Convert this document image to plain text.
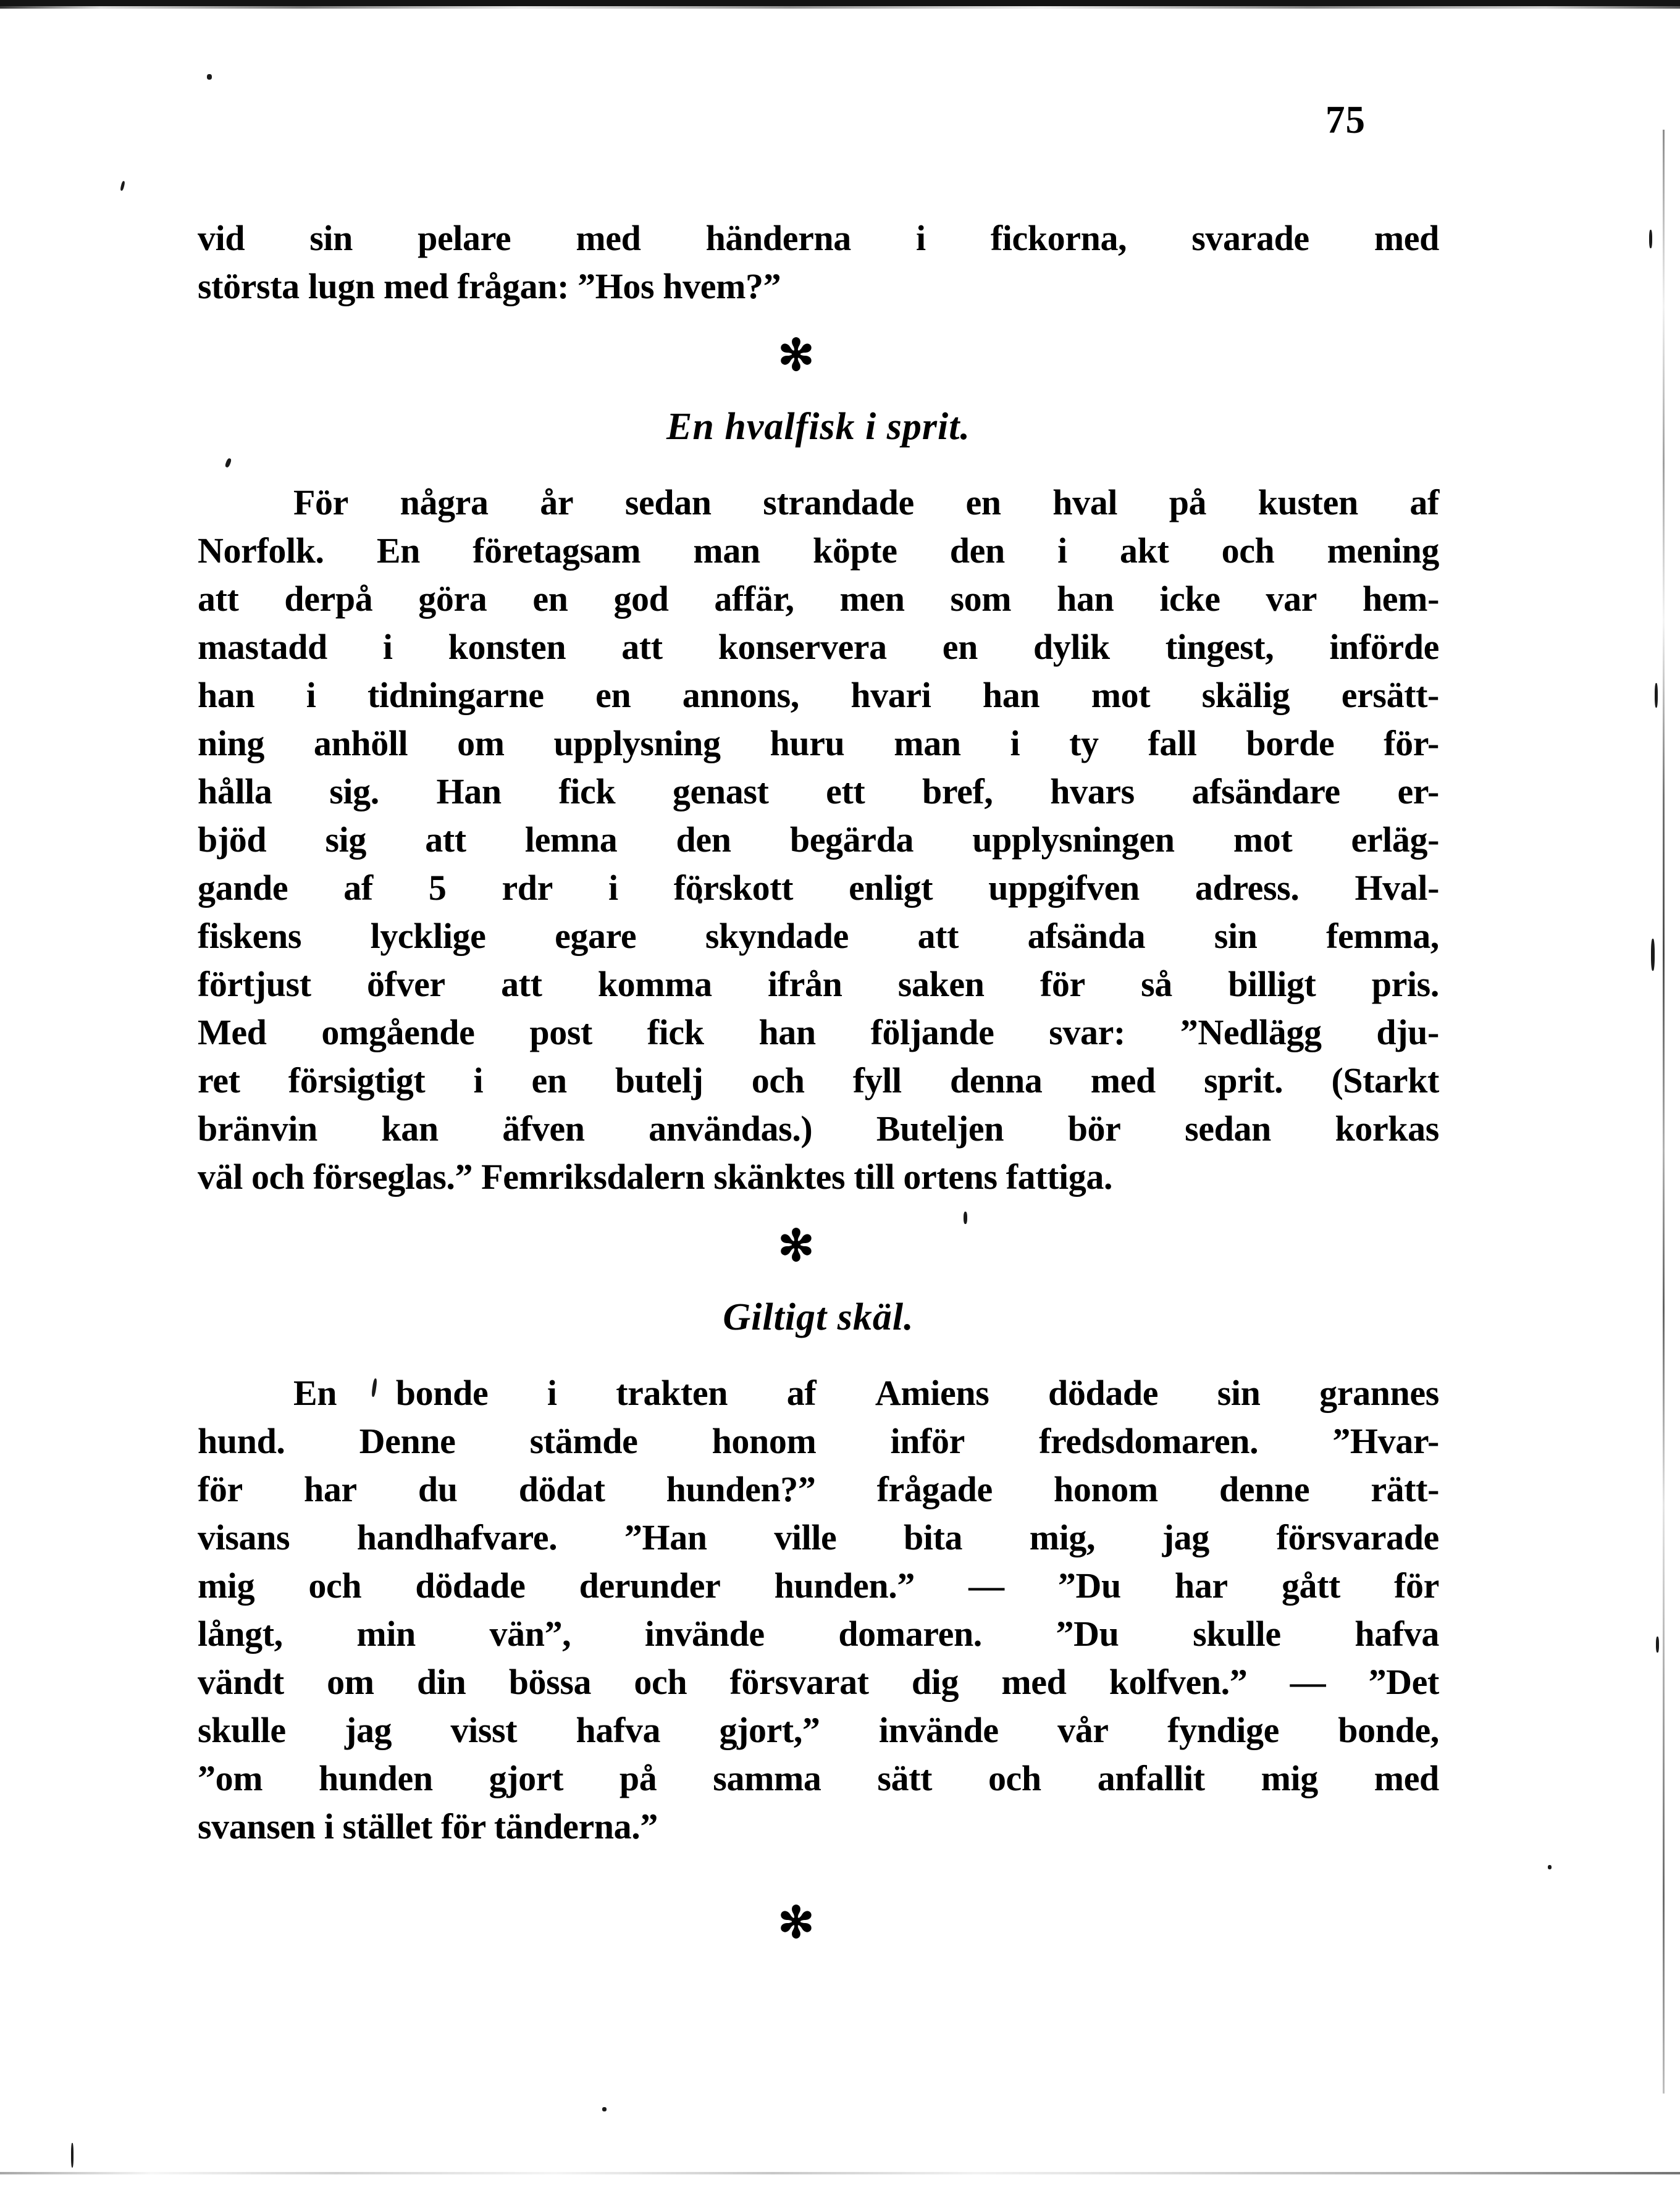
75
vid sin pelare med händerna i fickorna, svarade med
största lugn med frågan: ”Hos hvem?”
✻
En hvalfisk i sprit.
För några år sedan strandade en hval på kusten af
Norfolk. En företagsam man köpte den i akt och mening
att derpå göra en god affär, men som han icke var hem-
mastadd i konsten att konservera en dylik tingest, införde
han i tidningarne en annons, hvari han mot skälig ersätt-
ning anhöll om upplysning huru man i ty fall borde för-
hålla sig. Han fick genast ett bref, hvars afsändare er-
bjöd sig att lemna den begärda upplysningen mot erläg-
gande af 5 rdr i förskott enligt uppgifven adress. Hval-
fiskens lycklige egare skyndade att afsända sin femma,
förtjust öfver att komma ifrån saken för så billigt pris.
Med omgående post fick han följande svar: ”Nedlägg dju-
ret försigtigt i en butelj och fyll denna med sprit. (Starkt
bränvin kan äfven användas.) Buteljen bör sedan korkas
väl och förseglas.” Femriksdalern skänktes till ortens fattiga.
✻
Giltigt skäl.
En bonde i trakten af Amiens dödade sin grannes
hund. Denne stämde honom inför fredsdomaren. ”Hvar-
för har du dödat hunden?” frågade honom denne rätt-
visans handhafvare. ”Han ville bita mig, jag försvarade
mig och dödade derunder hunden.” — ”Du har gått för
långt, min vän”, invände domaren. ”Du skulle hafva
vändt om din bössa och försvarat dig med kolfven.” — ”Det
skulle jag visst hafva gjort,” invände vår fyndige bonde,
”om hunden gjort på samma sätt och anfallit mig med
svansen i stället för tänderna.”
✻
